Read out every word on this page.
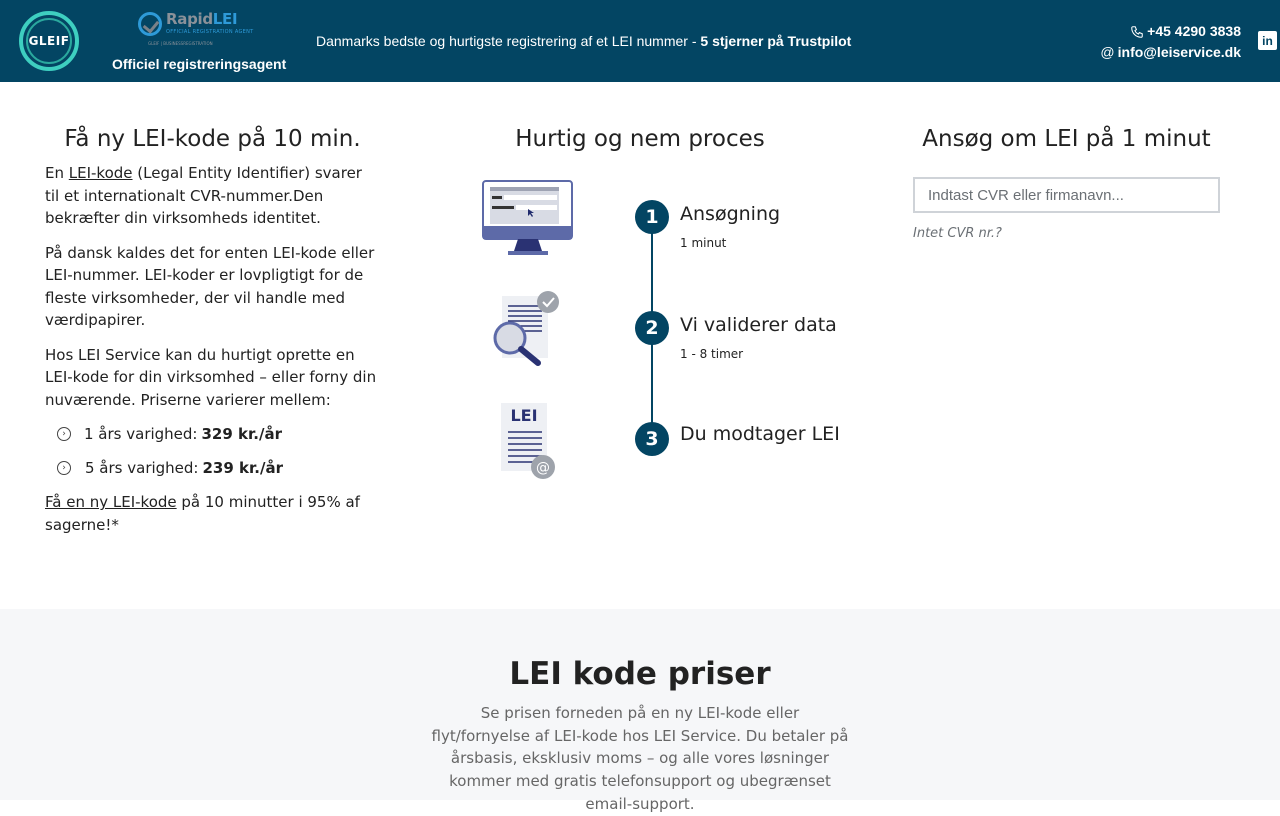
GLEIF
RapidLEI
OFFICIAL REGISTRATION AGENT
GLEIF | BUSINESSREGISTRATION
Officiel registreringsagent
Danmarks bedste og hurtigste registrering af et LEI nummer - 5 stjerner på Trustpilot
+45 4290 3838
@ info@leiservice.dk
in
Få ny LEI-kode på 10 min.

En LEI-kode (Legal Entity Identifier) svarer til et internationalt CVR-nummer.Den bekræfter din virksomheds identitet.

På dansk kaldes det for enten LEI-kode eller LEI-nummer. LEI-koder er lovpligtigt for de fleste virksomheder, der vil handle med værdipapirer.

Hos LEI Service kan du hurtigt oprette en LEI-kode for din virksomhed – eller forny din nuværende. Priserne varierer mellem:

›	1 års varighed: 329 kr./år
›	5 års varighed: 239 kr./år

Få en ny LEI-kode på 10 minutter i 95% af sagerne!*

Hurtig og nem proces
@
LEI
1	Ansøgning
1 minut
2	Vi validerer data
1 - 8 timer
3	Du modtager LEI
Ansøg om LEI på 1 minut
Indtast CVR eller firmanavn...
Intet CVR nr.?
LEI kode priser

Se prisen forneden på en ny LEI-kode eller flyt/fornyelse af LEI-kode hos LEI Service. Du betaler på årsbasis, eksklusiv moms – og alle vores løsninger kommer med gratis telefonsupport og ubegrænset email-support.
